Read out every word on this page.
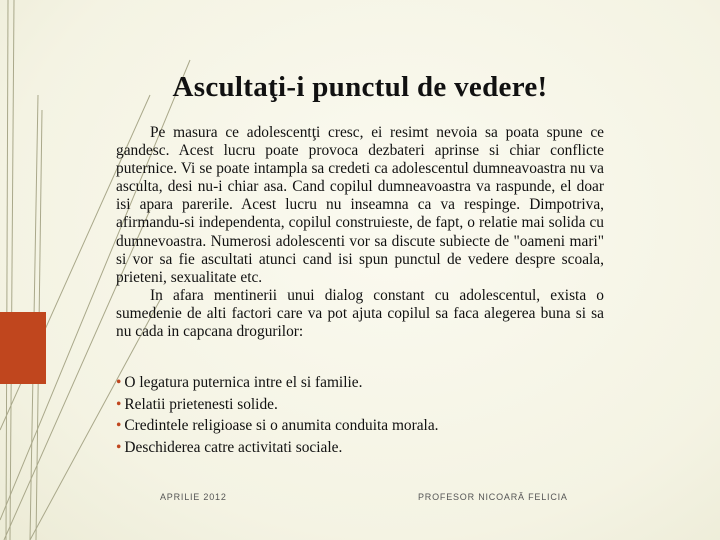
Ascultaţi-i punctul de vedere!

Pe masura ce adolescentţi cresc, ei resimt nevoia sa poata spune ce gandesc. Acest lucru poate provoca dezbateri aprinse si chiar conflicte puternice. Vi se poate intampla sa credeti ca adolescentul dumneavoastra nu va asculta, desi nu-i chiar asa. Cand copilul dumneavoastra va raspunde, el doar isi apara parerile. Acest lucru nu inseamna ca va respinge. Dimpotriva, afirmandu-si independenta, copilul construieste, de fapt, o relatie mai solida cu dumnevoastra. Numerosi adolescenti vor sa discute subiecte de "oameni mari" si vor sa fie ascultati atunci cand isi spun punctul de vedere despre scoala, prieteni, sexualitate etc.

In afara mentinerii unui dialog constant cu adolescentul, exista o sumedenie de alti factori care va pot ajuta copilul sa faca alegerea buna si sa nu cada in capcana drogurilor:

• O legatura puternica intre el si familie.
• Relatii prietenesti solide.
• Credintele religioase si o anumita conduita morala.
• Deschiderea catre activitati sociale.
APRILIE 2012	PROFESOR NICOARĂ FELICIA
